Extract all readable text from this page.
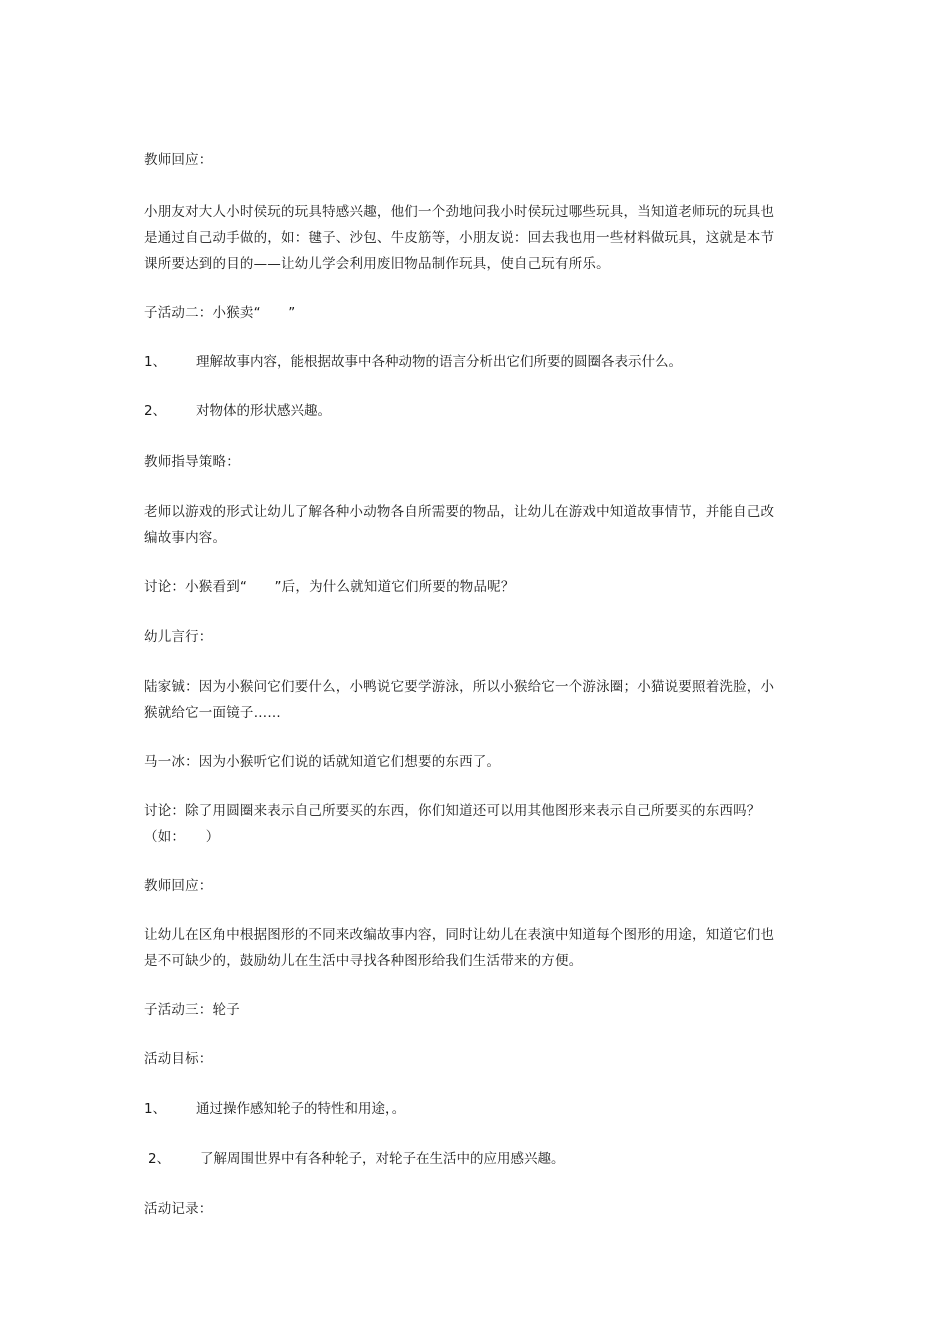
教师回应：

小朋友对大人小时侯玩的玩具特感兴趣，他们一个劲地问我小时侯玩过哪些玩具，当知道老师玩的玩具也
是通过自己动手做的，如：毽子、沙包、牛皮筋等，小朋友说：回去我也用一些材料做玩具，这就是本节
课所要达到的目的——让幼儿学会利用废旧物品制作玩具，使自己玩有所乐。

子活动二：小猴卖“　　”

1、 理解故事内容，能根据故事中各种动物的语言分析出它们所要的圆圈各表示什么。
2、 对物体的形状感兴趣。

教师指导策略：

老师以游戏的形式让幼儿了解各种小动物各自所需要的物品，让幼儿在游戏中知道故事情节，并能自己改
编故事内容。

讨论：小猴看到“　　”后，为什么就知道它们所要的物品呢？

幼儿言行：

陆家铖：因为小猴问它们要什么，小鸭说它要学游泳，所以小猴给它一个游泳圈；小猫说要照着洗脸，小
猴就给它一面镜子……

马一冰：因为小猴听它们说的话就知道它们想要的东西了。

讨论：除了用圆圈来表示自己所要买的东西，你们知道还可以用其他图形来表示自己所要买的东西吗？
（如：　　）

教师回应：

让幼儿在区角中根据图形的不同来改编故事内容，同时让幼儿在表演中知道每个图形的用途，知道它们也
是不可缺少的，鼓励幼儿在生活中寻找各种图形给我们生活带来的方便。

子活动三：轮子

活动目标：

1、 通过操作感知轮子的特性和用途，。
2、 了解周围世界中有各种轮子，对轮子在生活中的应用感兴趣。

活动记录：
